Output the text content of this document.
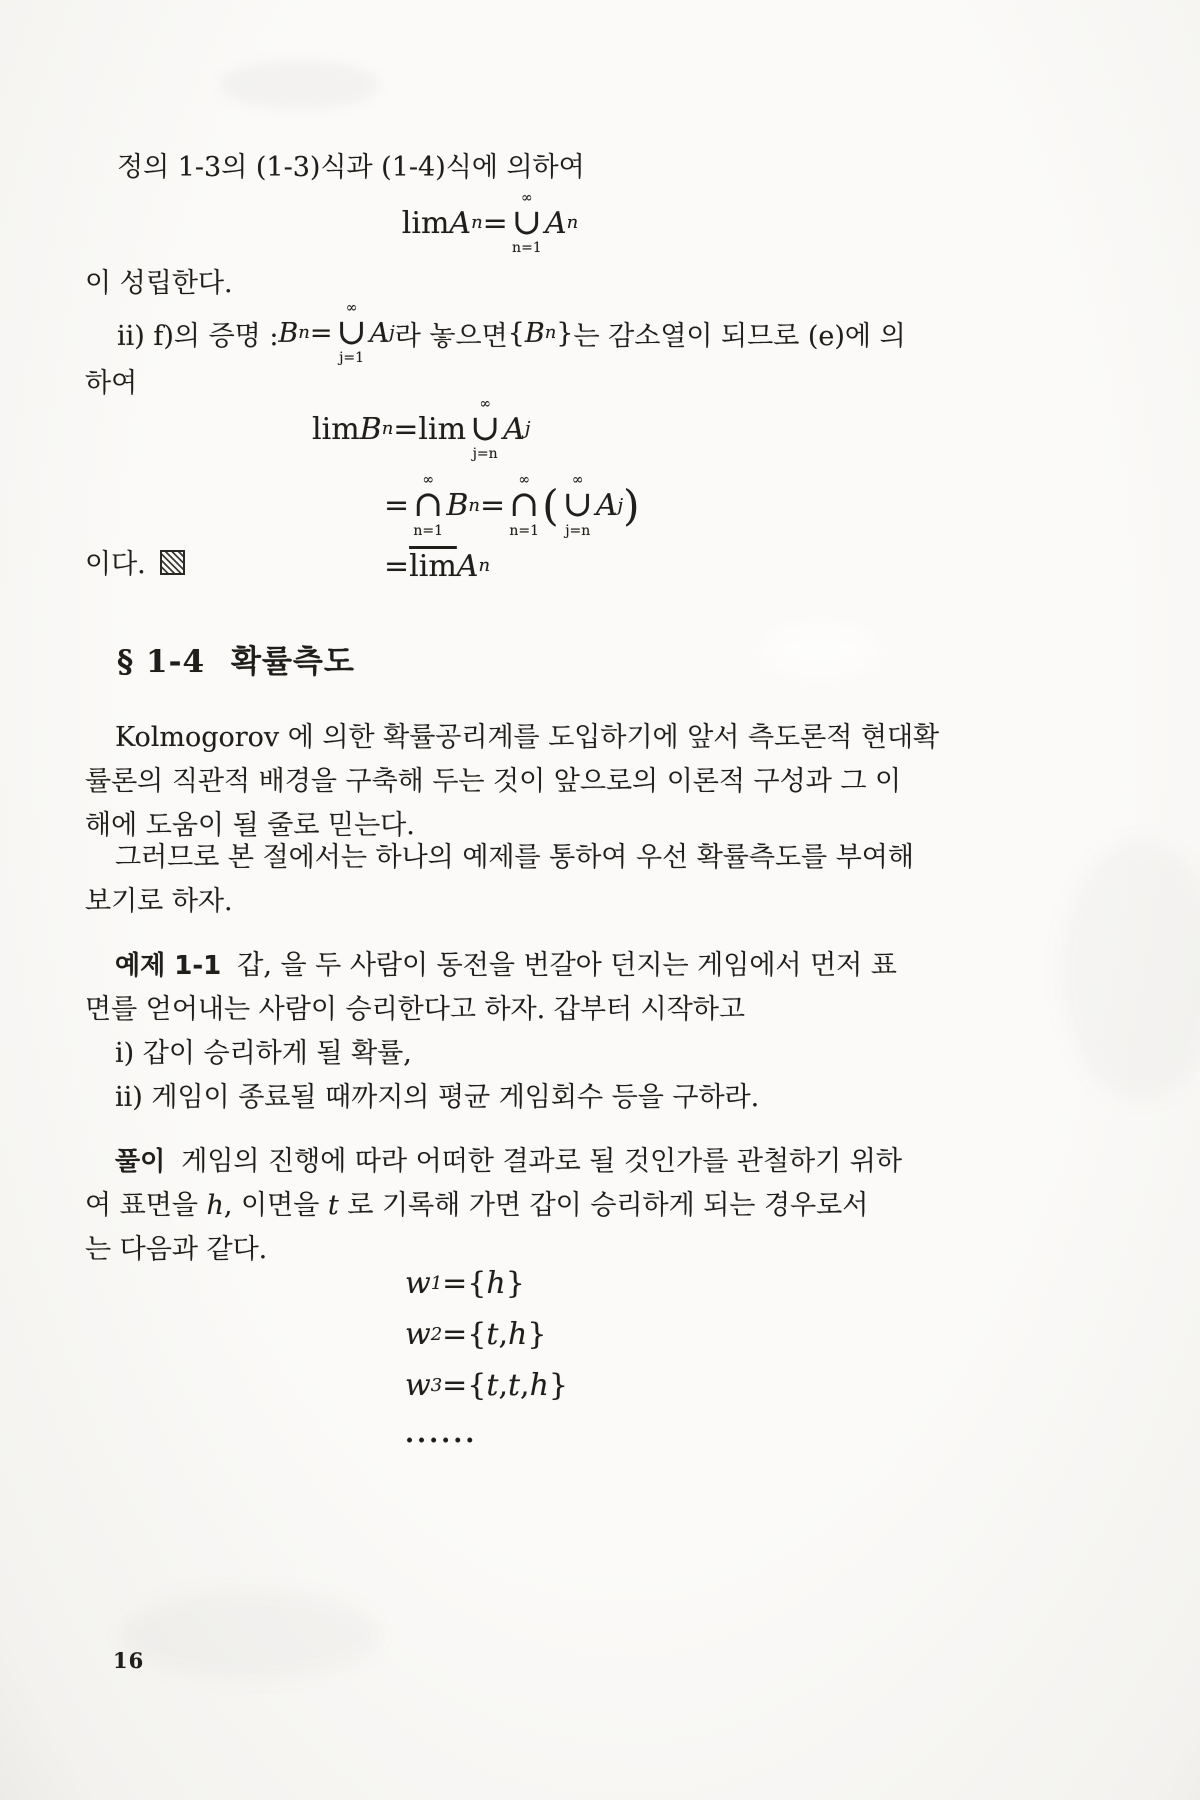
정의 1-3의 (1-3)식과 (1-4)식에 의하여
lim A n =
∞
∪
n=1
A n
이 성립한다.
ii) f)의 증명 : B n =
∞
∪
j=1
A j 라 놓으면 { B n } 는 감소열이 되므로 (e)에 의
하여
lim B n = lim
∞
∪
j=n
A j
=
∞
∩
n=1
B n =
∞
∩
n=1
(
∞
∪
j=n
A j )
= $\overline{lim}$ A n
이다.
§ 1-4 확률측도
Kolmogorov 에 의한 확률공리계를 도입하기에 앞서 측도론적 현대확
률론의 직관적 배경을 구축해 두는 것이 앞으로의 이론적 구성과 그 이
해에 도움이 될 줄로 믿는다.
그러므로 본 절에서는 하나의 예제를 통하여 우선 확률측도를 부여해
보기로 하자.
예제 1-1 갑, 을 두 사람이 동전을 번갈아 던지는 게임에서 먼저 표
면를 얻어내는 사람이 승리한다고 하자. 갑부터 시작하고
i) 갑이 승리하게 될 확률,
ii) 게임이 종료될 때까지의 평균 게임회수 등을 구하라.
풀이 게임의 진행에 따라 어떠한 결과로 될 것인가를 관철하기 위하
여 표면을 h, 이면을 t 로 기록해 가면 갑이 승리하게 되는 경우로서
는 다음과 같다.
w 1 = { h }
w 2 = { t , h }
w 3 = { t , t , h }
......
16
